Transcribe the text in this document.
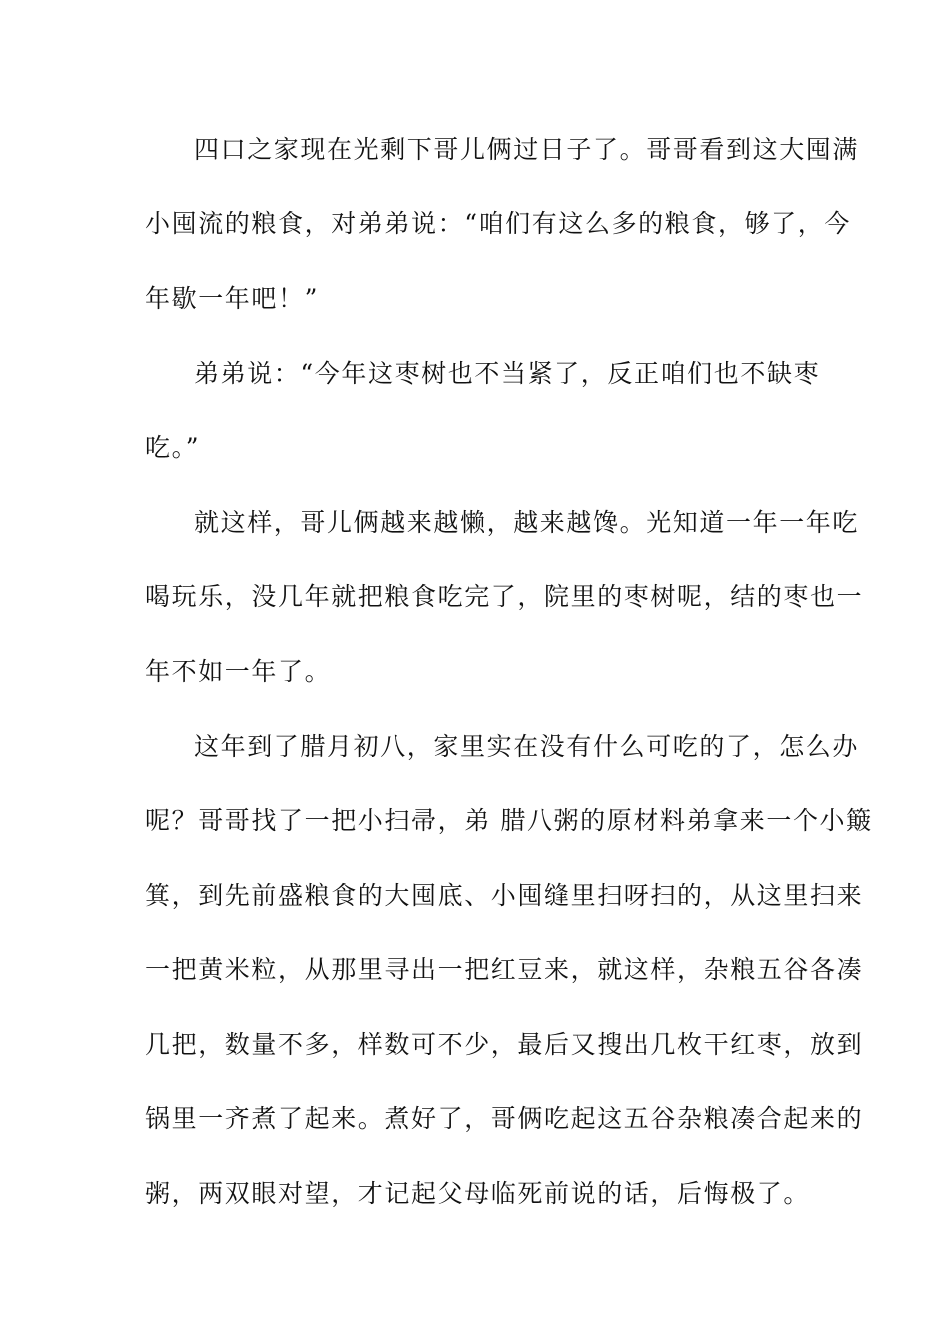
四口之家现在光剩下哥儿俩过日子了。哥哥看到这大囤满
小囤流的粮食，对弟弟说：“咱们有这么多的粮食，够了，今
年歇一年吧！”
弟弟说：“今年这枣树也不当紧了，反正咱们也不缺枣
吃。”
就这样，哥儿俩越来越懒，越来越馋。光知道一年一年吃
喝玩乐，没几年就把粮食吃完了，院里的枣树呢，结的枣也一
年不如一年了。
这年到了腊月初八，家里实在没有什么可吃的了，怎么办
呢？哥哥找了一把小扫帚，弟 腊八粥的原材料弟拿来一个小簸
箕，到先前盛粮食的大囤底、小囤缝里扫呀扫的，从这里扫来
一把黄米粒，从那里寻出一把红豆来，就这样，杂粮五谷各凑
几把，数量不多，样数可不少，最后又搜出几枚干红枣，放到
锅里一齐煮了起来。煮好了，哥俩吃起这五谷杂粮凑合起来的
粥，两双眼对望，才记起父母临死前说的话，后悔极了。
